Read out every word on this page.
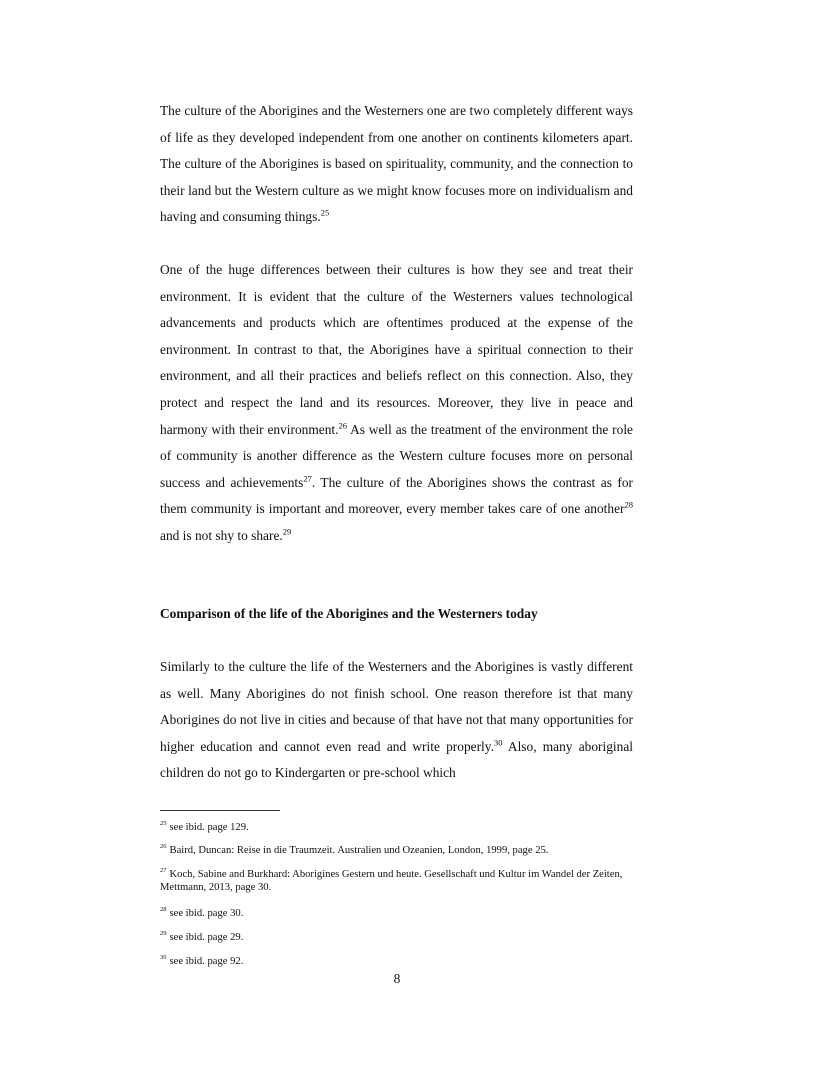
The culture of the Aborigines and the Westerners one are two completely different ways of life as they developed independent from one another on continents kilometers apart. The culture of the Aborigines is based on spirituality, community, and the connection to their land but the Western culture as we might know focuses more on individualism and having and consuming things.$^{25}$

One of the huge differences between their cultures is how they see and treat their environment. It is evident that the culture of the Westerners values technological advancements and products which are oftentimes produced at the expense of the environment. In contrast to that, the Aborigines have a spiritual connection to their environment, and all their practices and beliefs reflect on this connection. Also, they protect and respect the land and its resources. Moreover, they live in peace and harmony with their environment.$^{26}$ As well as the treatment of the environment the role of community is another difference as the Western culture focuses more on personal success and achievements$^{27}$. The culture of the Aborigines shows the contrast as for them community is important and moreover, every member takes care of one another$^{28}$ and is not shy to share.$^{29}$

Comparison of the life of the Aborigines and the Westerners today

Similarly to the culture the life of the Westerners and the Aborigines is vastly different as well. Many Aborigines do not finish school. One reason therefore ist that many Aborigines do not live in cities and because of that have not that many opportunities for higher education and cannot even read and write properly.$^{30}$ Also, many aboriginal children do not go to Kindergarten or pre-school which

$^{25}$ see ibid. page 129.

$^{26}$ Baird, Duncan: Reise in die Traumzeit. Australien und Ozeanien, London, 1999, page 25.

$^{27}$ Koch, Sabine and Burkhard: Aborigines Gestern und heute. Gesellschaft und Kultur im Wandel der Zeiten, Mettmann, 2013, page 30.

$^{28}$ see ibid. page 30.

$^{29}$ see ibid. page 29.

$^{30}$ see ibid. page 92.

8
